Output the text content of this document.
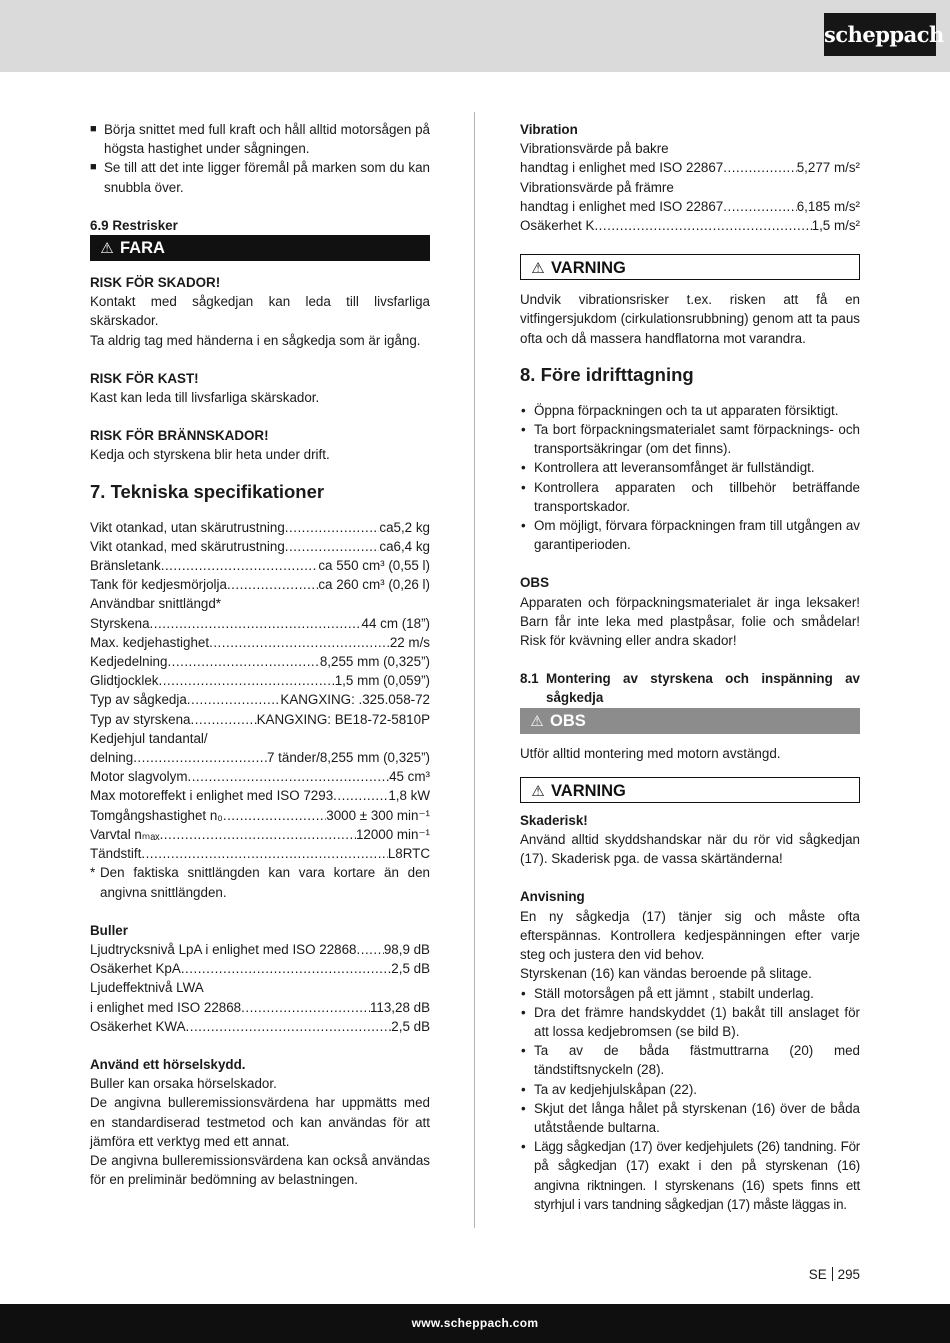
scheppach
■ Börja snittet med full kraft och håll alltid motorsågen på högsta hastighet under sågningen.
■ Se till att det inte ligger föremål på marken som du kan snubbla över.

6.9 Restrisker

⚠ FARA

RISK FÖR SKADOR!

Kontakt med sågkedjan kan leda till livsfarliga skärskador.

Ta aldrig tag med händerna i en sågkedja som är igång.

RISK FÖR KAST!

Kast kan leda till livsfarliga skärskador.

RISK FÖR BRÄNNSKADOR!

Kedja och styrskena blir heta under drift.

7. Tekniska specifikationer
Vikt otankad, utan skärutrustning .....	ca5,2 kg
Vikt otankad, med skärutrustning .....	ca6,4 kg
Bränsletank .....	ca 550 cm³ (0,55 l)
Tank för kedjesmörjolja .....	ca 260 cm³ (0,26 l)

Användbar snittlängd*

Styrskena .....	44 cm (18”)
Max. kedjehastighet .....	22 m/s
Kedjedelning .....	8,255 mm (0,325”)
Glidtjocklek .....	1,5 mm (0,059”)
Typ av sågkedja .....	KANGXING: .325.058-72
Typ av styrskena .....	KANGXING: BE18-72-5810P

Kedjehjul tandantal/

delning .....	7 tänder/8,255 mm (0,325”)
Motor slagvolym .....	45 cm³
Max motoreffekt i enlighet med ISO 7293 .....	1,8 kW
Tomgångshastighet n₀ .....	3000 ± 300 min⁻¹
Varvtal nₘₐₓ .....	12000 min⁻¹
Tändstift .....	L8RTC
* Den faktiska snittlängden kan vara kortare än den angivna snittlängden.

Buller

Ljudtrycksnivå LpA i enlighet med ISO 22868 ..... 98,9 dB
Osäkerhet KpA .....	2,5 dB

Ljudeffektnivå LWA

i enlighet med ISO 22868 .....	113,28 dB
Osäkerhet KWA .....	2,5 dB

Använd ett hörselskydd.

Buller kan orsaka hörselskador.

De angivna bulleremissionsvärdena har uppmätts med en standardiserad testmetod och kan användas för att jämföra ett verktyg med ett annat.

De angivna bulleremissionsvärdena kan också användas för en preliminär bedömning av belastningen.

Vibration

Vibrationsvärde på bakre

handtag i enlighet med ISO 22867 .....	5,277 m/s²

Vibrationsvärde på främre

handtag i enlighet med ISO 22867 .....	6,185 m/s²
Osäkerhet K .....	1,5 m/s²
⚠ VARNING

Undvik vibrationsrisker t.ex. risken att få en vitfingersjukdom (cirkulationsrubbning) genom att ta paus ofta och då massera handflatorna mot varandra.

8. Före idrifttagning
• Öppna förpackningen och ta ut apparaten försiktigt.
• Ta bort förpackningsmaterialet samt förpacknings- och transportsäkringar (om det finns).
• Kontrollera att leveransomfånget är fullständigt.
• Kontrollera apparaten och tillbehör beträffande transportskador.
• Om möjligt, förvara förpackningen fram till utgången av garantiperioden.

OBS

Apparaten och förpackningsmaterialet är inga leksaker! Barn får inte leka med plastpåsar, folie och smådelar! Risk för kvävning eller andra skador!

8.1 Montering av styrskena och inspänning av sågkedja
⚠ OBS

Utför alltid montering med motorn avstängd.

⚠ VARNING

Skaderisk!

Använd alltid skyddshandskar när du rör vid sågkedjan (17). Skaderisk pga. de vassa skärtänderna!

Anvisning

En ny sågkedja (17) tänjer sig och måste ofta efterspännas. Kontrollera kedjespänningen efter varje steg och justera den vid behov.

Styrskenan (16) kan vändas beroende på slitage.

• Ställ motorsågen på ett jämnt , stabilt underlag.
• Dra det främre handskyddet (1) bakåt till anslaget för att lossa kedjebromsen (se bild B).
• Ta av de båda fästmuttrarna (20) med tändstiftsnyckeln (28).
• Ta av kedjehjulskåpan (22).
• Skjut det långa hålet på styrskenan (16) över de båda utåtstående bultarna.
• Lägg sågkedjan (17) över kedjehjulets (26) tandning. För på sågkedjan (17) exakt i den på styrskenan (16) angivna riktningen. I styrskenans (16) spets finns ett styrhjul i vars tandning sågkedjan (17) måste läggas in.
SE 295
www.scheppach.com
